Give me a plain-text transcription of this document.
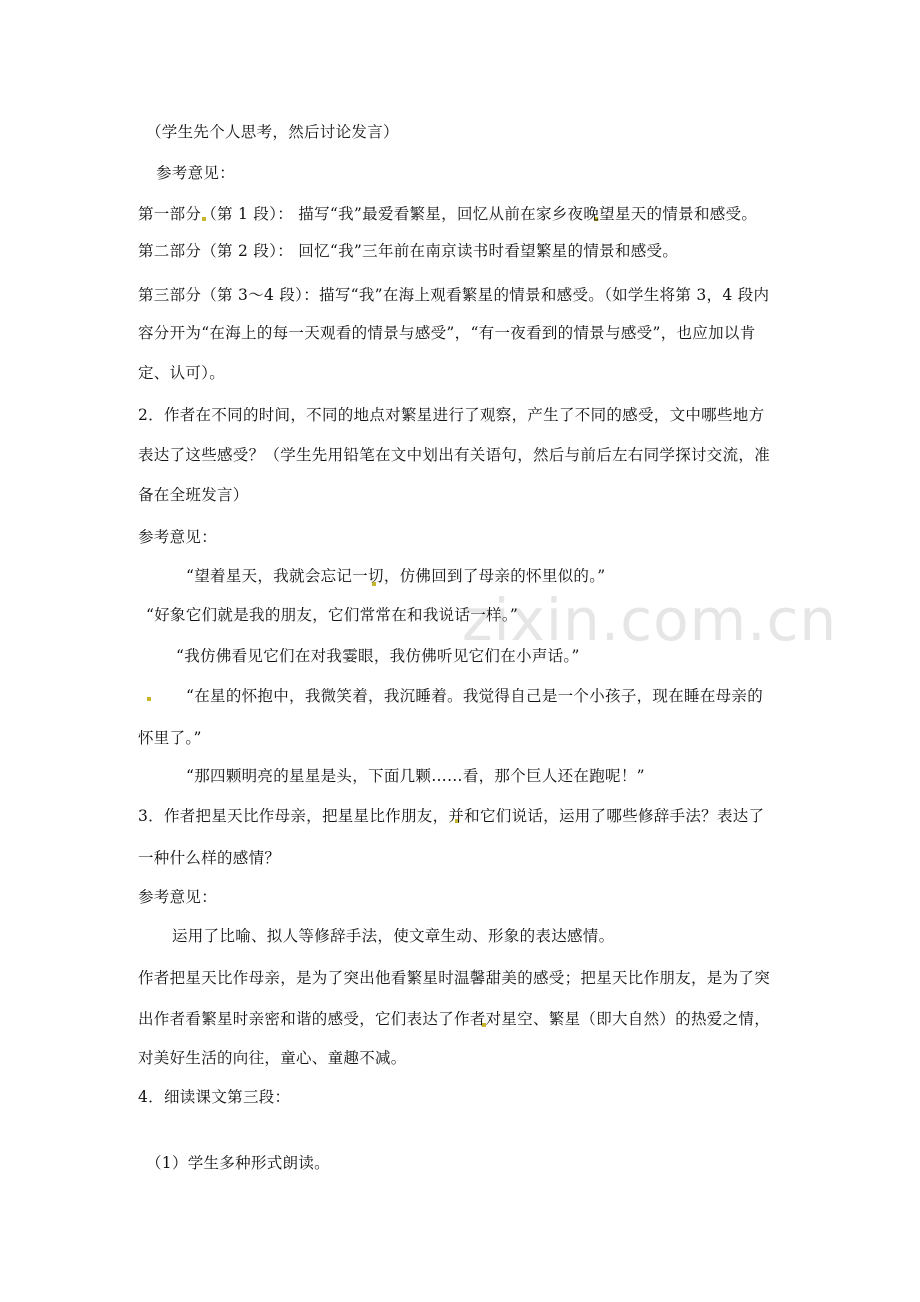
zixin.com.cn
（学生先个人思考，然后讨论发言）
参考意见：
第一部分（第 1 段）： 描写“我”最爱看繁星，回忆从前在家乡夜晚望星天的情景和感受。
第二部分（第 2 段）： 回忆“我”三年前在南京读书时看望繁星的情景和感受。
第三部分（第 3～4 段）：描写“我”在海上观看繁星的情景和感受。（如学生将第 3，4 段内
容分开为“在海上的每一天观看的情景与感受”，“有一夜看到的情景与感受”，也应加以肯
定、认可）。
2．作者在不同的时间，不同的地点对繁星进行了观察，产生了不同的感受，文中哪些地方
表达了这些感受？（学生先用铅笔在文中划出有关语句，然后与前后左右同学探讨交流，准
备在全班发言）
参考意见：
“望着星天，我就会忘记一切，仿佛回到了母亲的怀里似的。”
“好象它们就是我的朋友，它们常常在和我说话一样。”
“我仿佛看见它们在对我霎眼，我仿佛听见它们在小声话。”
“在星的怀抱中，我微笑着，我沉睡着。我觉得自己是一个小孩子，现在睡在母亲的
怀里了。”
“那四颗明亮的星星是头，下面几颗……看，那个巨人还在跑呢！”
3．作者把星天比作母亲，把星星比作朋友，并和它们说话，运用了哪些修辞手法？表达了
一种什么样的感情？
参考意见：
运用了比喻、拟人等修辞手法，使文章生动、形象的表达感情。
作者把星天比作母亲，是为了突出他看繁星时温馨甜美的感受；把星天比作朋友，是为了突
出作者看繁星时亲密和谐的感受，它们表达了作者对星空、繁星（即大自然）的热爱之情，
对美好生活的向往，童心、童趣不减。
4．细读课文第三段：
（1）学生多种形式朗读。
